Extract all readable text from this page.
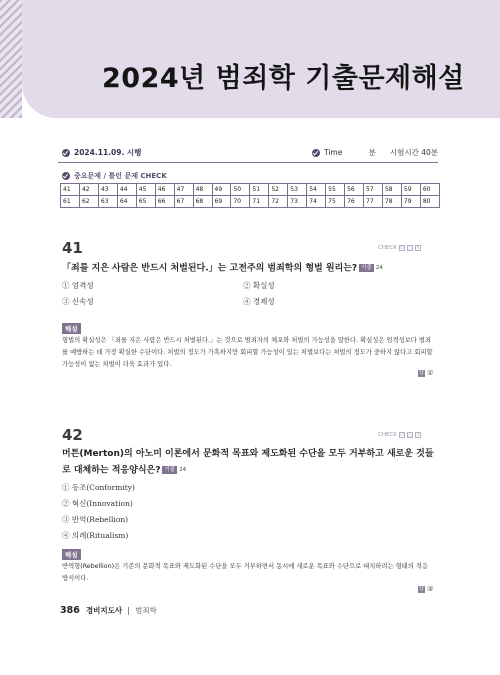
2024년 범죄학 기출문제해설
2024.11.09. 시행	Time	분 시험시간 40분
중요문제 / 틀린 문제 CHECK
41	42	43	44	45	46	47	48	49	50	51	52	53	54	55	56	57	58	59	60
61	62	63	64	65	66	67	68	69	70	71	72	73	74	75	76	77	78	79	80
41	CHECK O △	X
「죄를 지은 사람은 반드시 처벌된다.」는 고전주의 범죄학의 형벌 원리는? 기출 24
① 엄격성	② 확실성
③ 신속성	④ 경제성
해설
형벌의 확실성은 「죄를 지은 사람은 반드시 처벌된다.」는 것으로 범죄자의 체포와 처벌의 가능성을 말한다. 확실성은 엄격성보다 범죄를 예방하는 데 가장 확실한 수단이다. 처벌의 정도가 가혹하지만 회피할 가능성이 있는 처벌보다는 처벌의 정도가 중하지 않다고 회피할 가능성이 없는 처벌이 더욱 효과가 있다.
답 ②
42	CHECK O △	X
머튼(Merton)의 아노미 이론에서 문화적 목표와 제도화된 수단을 모두 거부하고 새로운 것들로 대체하는 적응양식은? 기출 24
① 동조(Conformity)
② 혁신(Innovation)
③ 반역(Rebellion)
④ 의례(Ritualism)
해설
반역형(Rebellion)은 기존의 문화적 목표와 제도화된 수단을 모두 거부하면서 동시에 새로운 목표와 수단으로 대치하려는 형태의 적응 방식이다.
답 ③
386 경비지도사 범죄학
